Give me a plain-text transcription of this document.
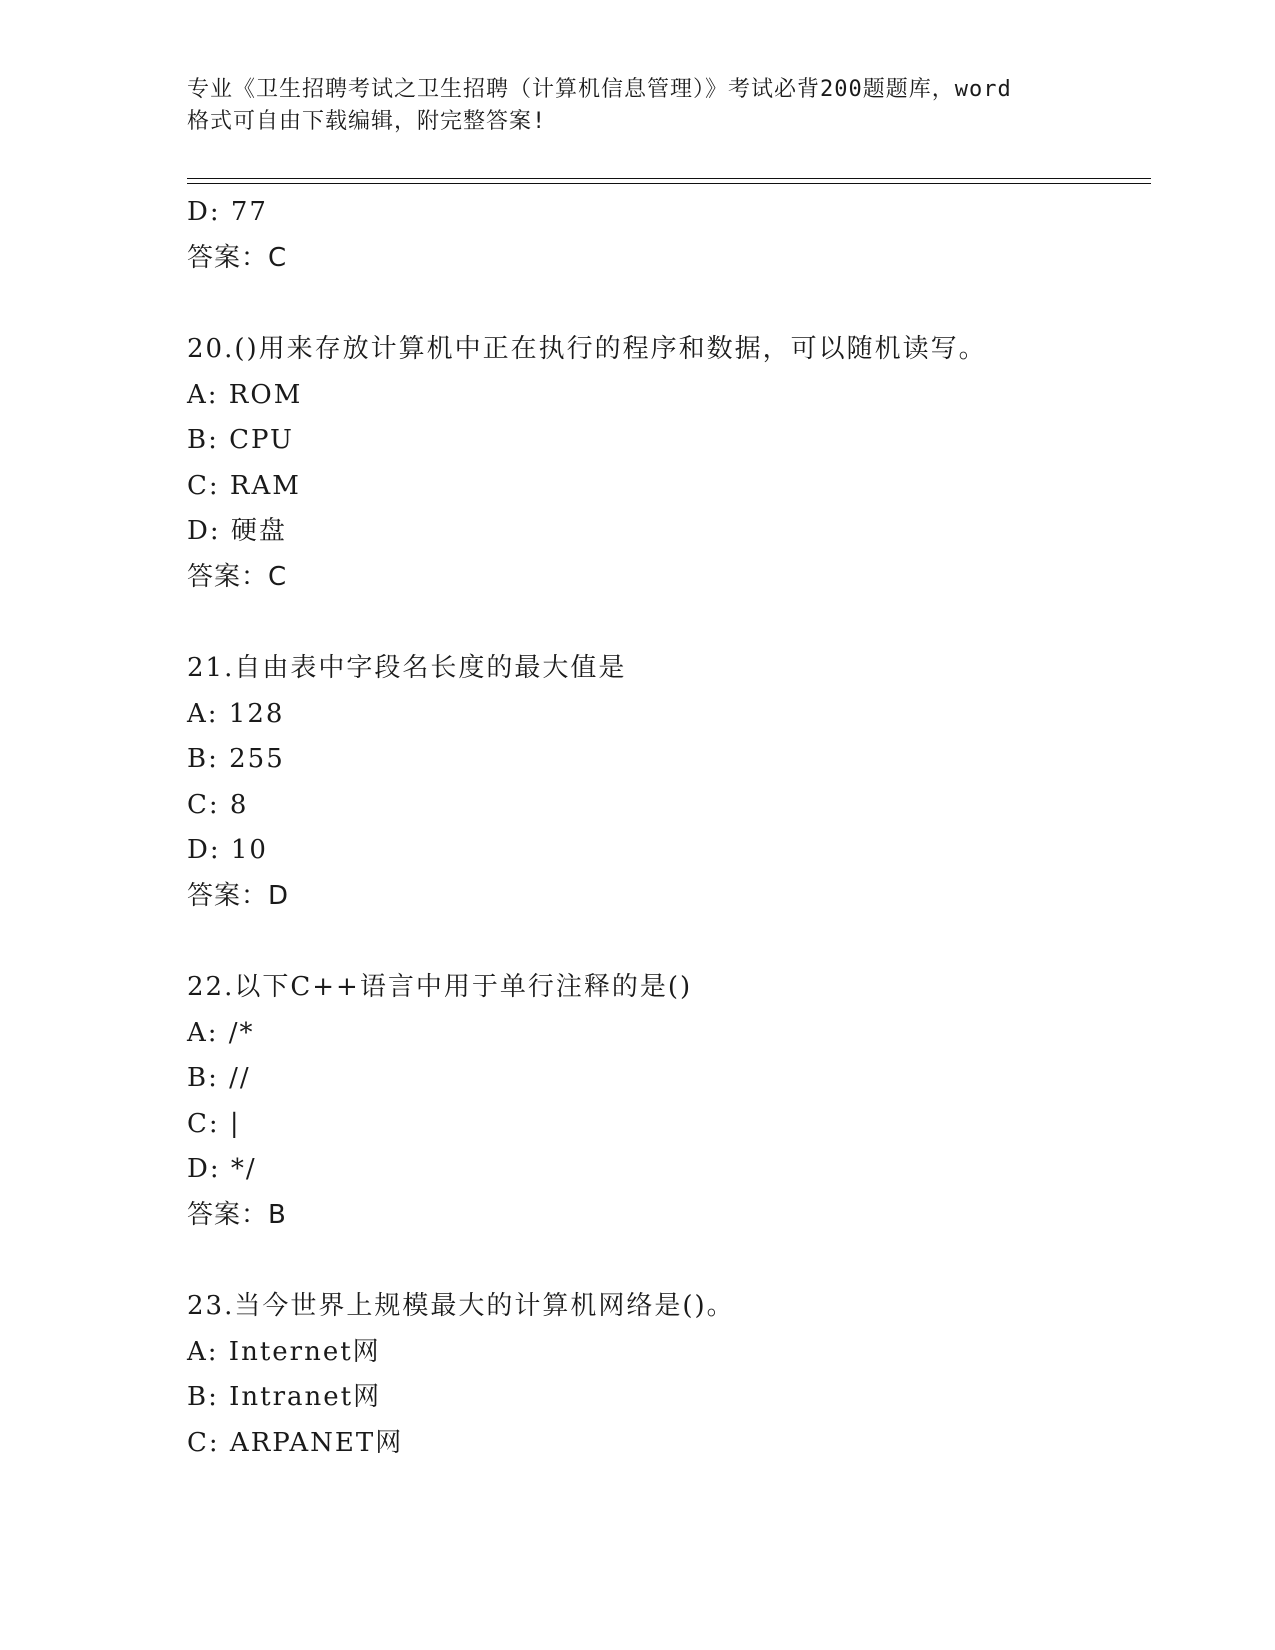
专业《卫生招聘考试之卫生招聘（计算机信息管理）》考试必背200题题库，word
格式可自由下载编辑，附完整答案!
D: 77
答案：C
20.()用来存放计算机中正在执行的程序和数据，可以随机读写。
A: ROM
B: CPU
C: RAM
D: 硬盘
答案：C
21.自由表中字段名长度的最大值是
A: 128
B: 255
C: 8
D: 10
答案：D
22.以下C++语言中用于单行注释的是()
A: /*
B: //
C: |
D: */
答案：B
23.当今世界上规模最大的计算机网络是()。
A: Internet网
B: Intranet网
C: ARPANET网
